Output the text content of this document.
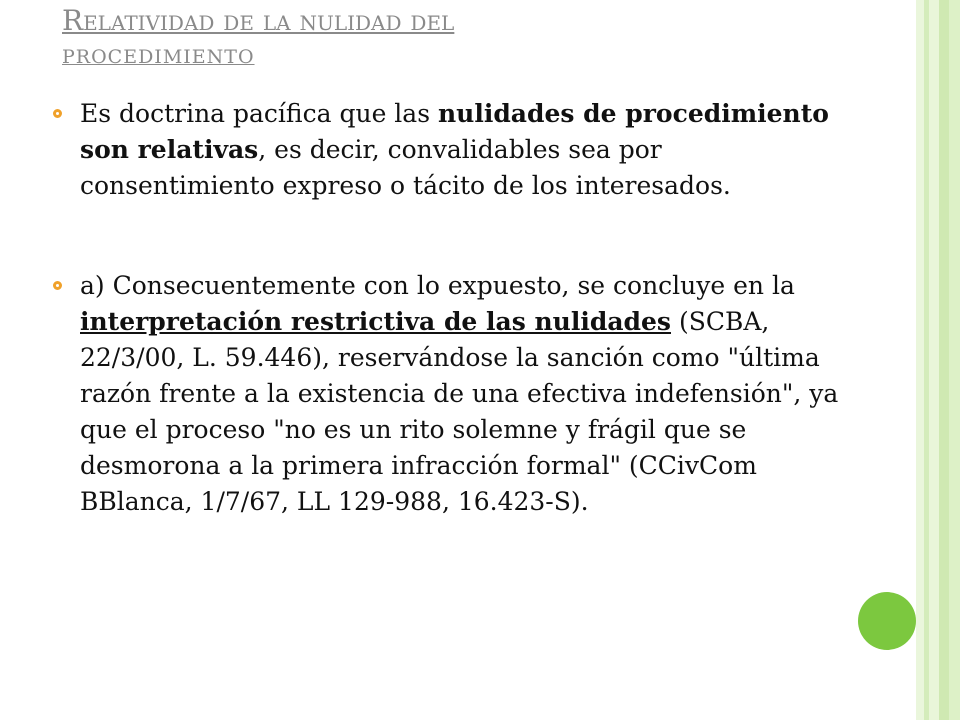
Relatividad de la nulidad del
PROCEDIMIENTO
Es doctrina pacífica que las nulidades de procedimiento son relativas, es decir, convalidables sea por consentimiento expreso o tácito de los interesados.
a) Consecuentemente con lo expuesto, se concluye en la interpretación restrictiva de las nulidades (SCBA, 22/3/00, L. 59.446), reservándose la sanción como "última razón frente a la existencia de una efectiva indefensión", ya que el proceso "no es un rito solemne y frágil que se desmorona a la primera infracción formal" (CCivCom BBlanca, 1/7/67, LL 129-988, 16.423-S).
